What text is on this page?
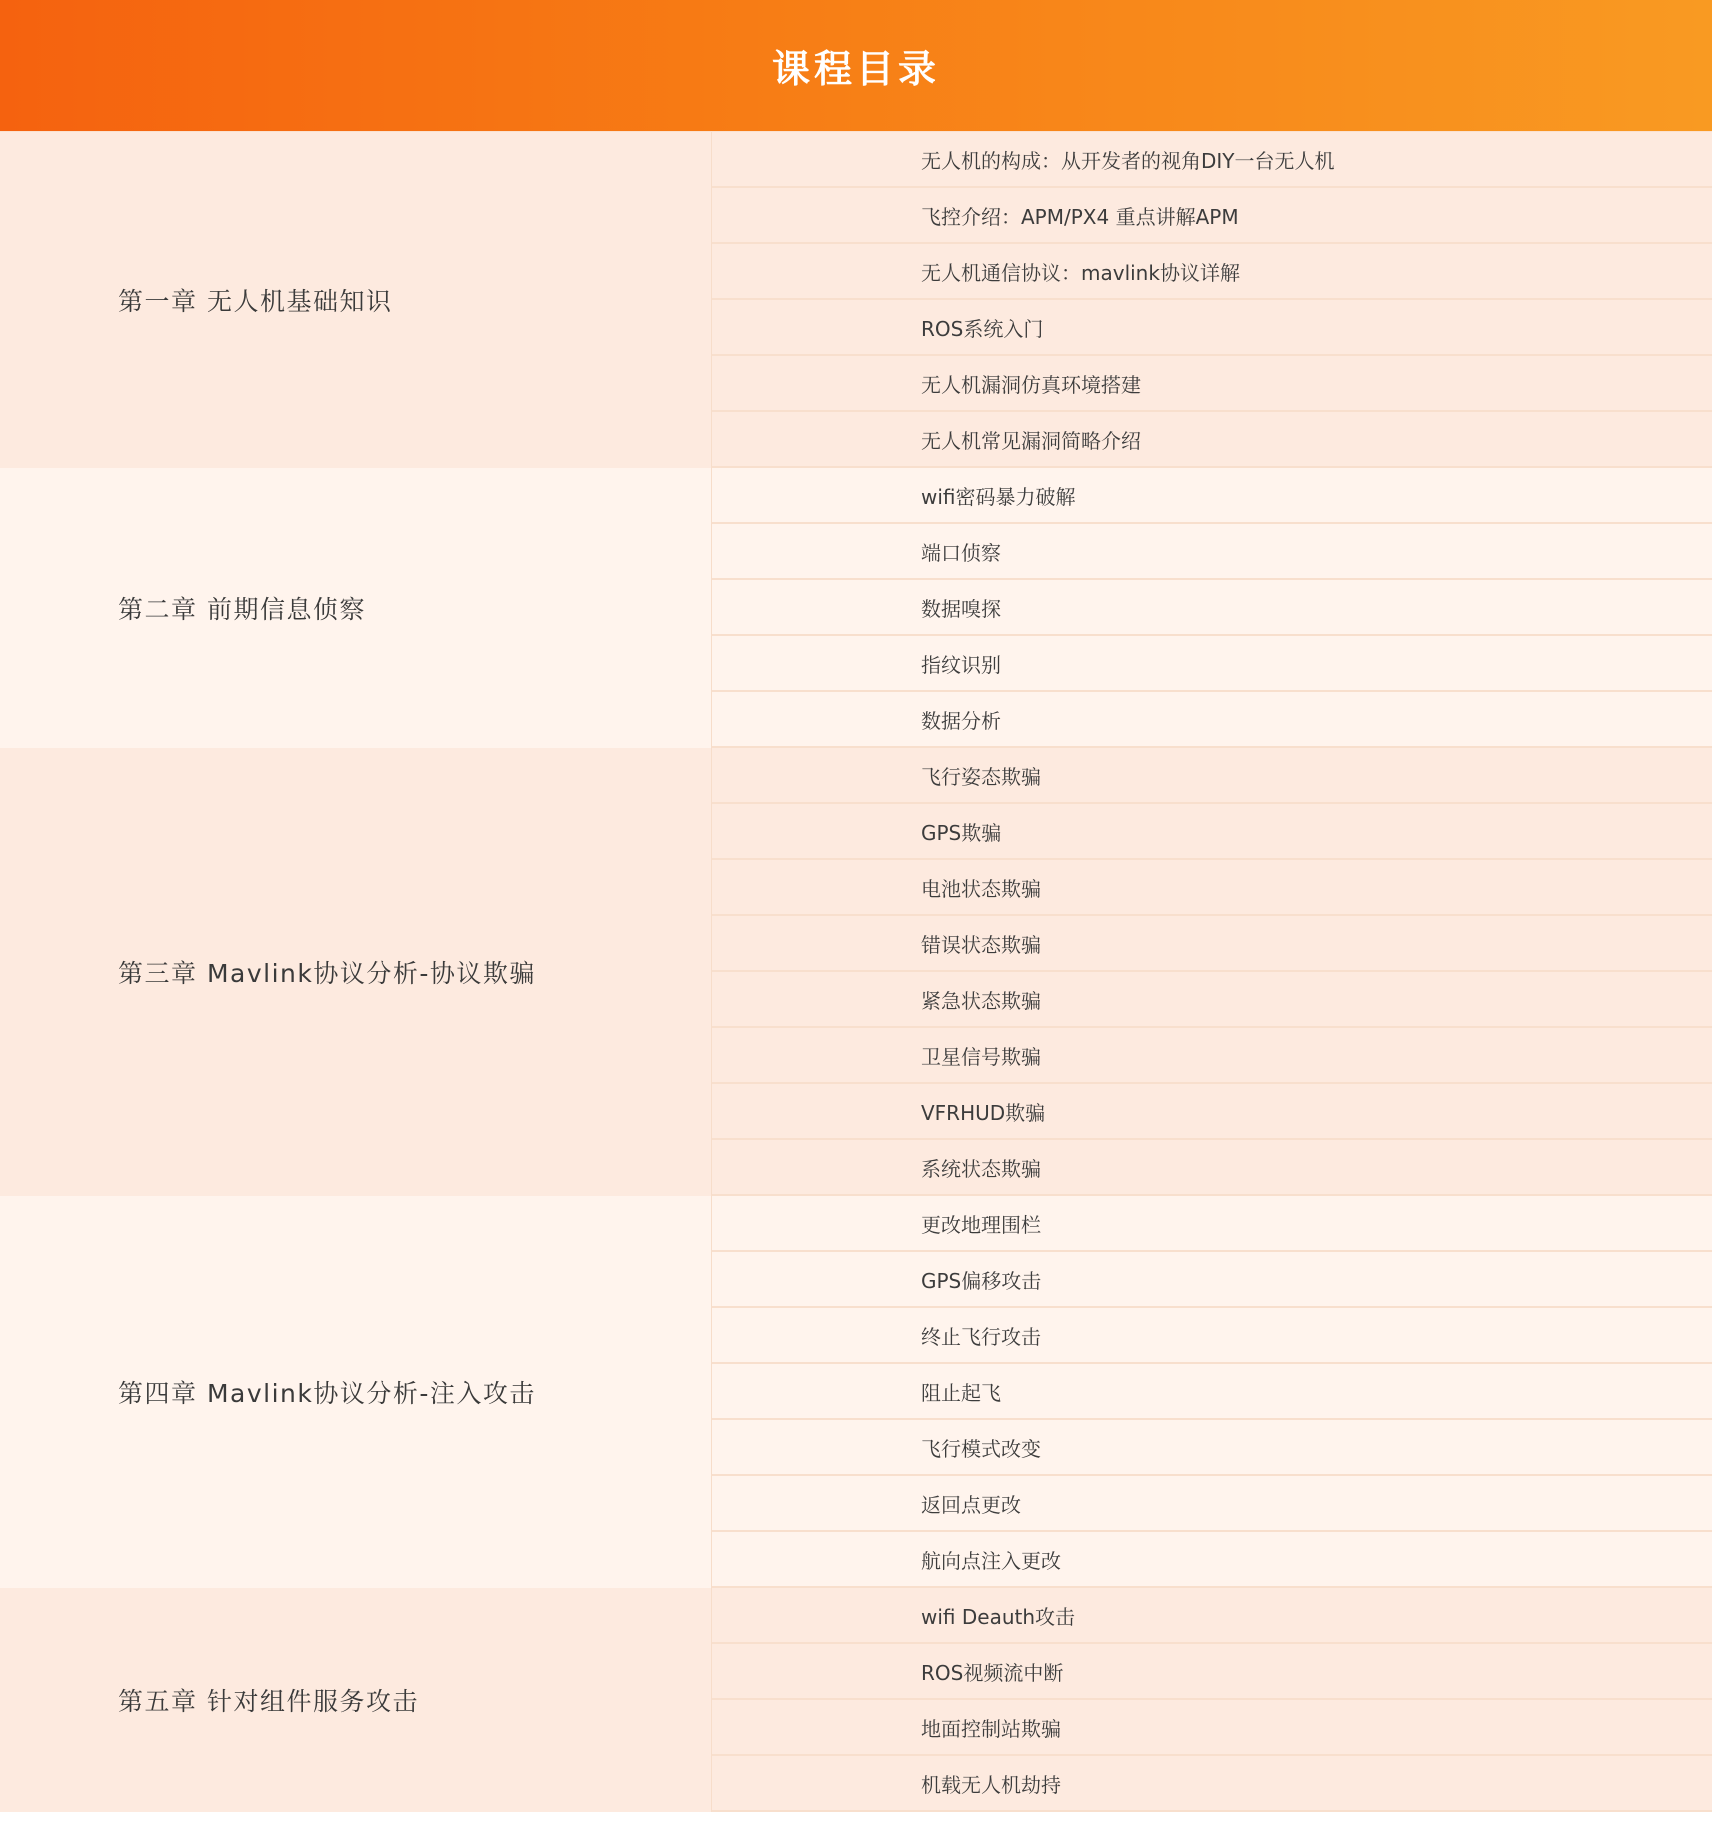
课程目录
第一章 无人机基础知识
无人机的构成：从开发者的视角DIY一台无人机
飞控介绍：APM/PX4 重点讲解APM
无人机通信协议：mavlink协议详解
ROS系统入门
无人机漏洞仿真环境搭建
无人机常见漏洞简略介绍
第二章 前期信息侦察
wifi密码暴力破解
端口侦察
数据嗅探
指纹识别
数据分析
第三章 Mavlink协议分析-协议欺骗
飞行姿态欺骗
GPS欺骗
电池状态欺骗
错误状态欺骗
紧急状态欺骗
卫星信号欺骗
VFRHUD欺骗
系统状态欺骗
第四章 Mavlink协议分析-注入攻击
更改地理围栏
GPS偏移攻击
终止飞行攻击
阻止起飞
飞行模式改变
返回点更改
航向点注入更改
第五章 针对组件服务攻击
wifi Deauth攻击
ROS视频流中断
地面控制站欺骗
机载无人机劫持
